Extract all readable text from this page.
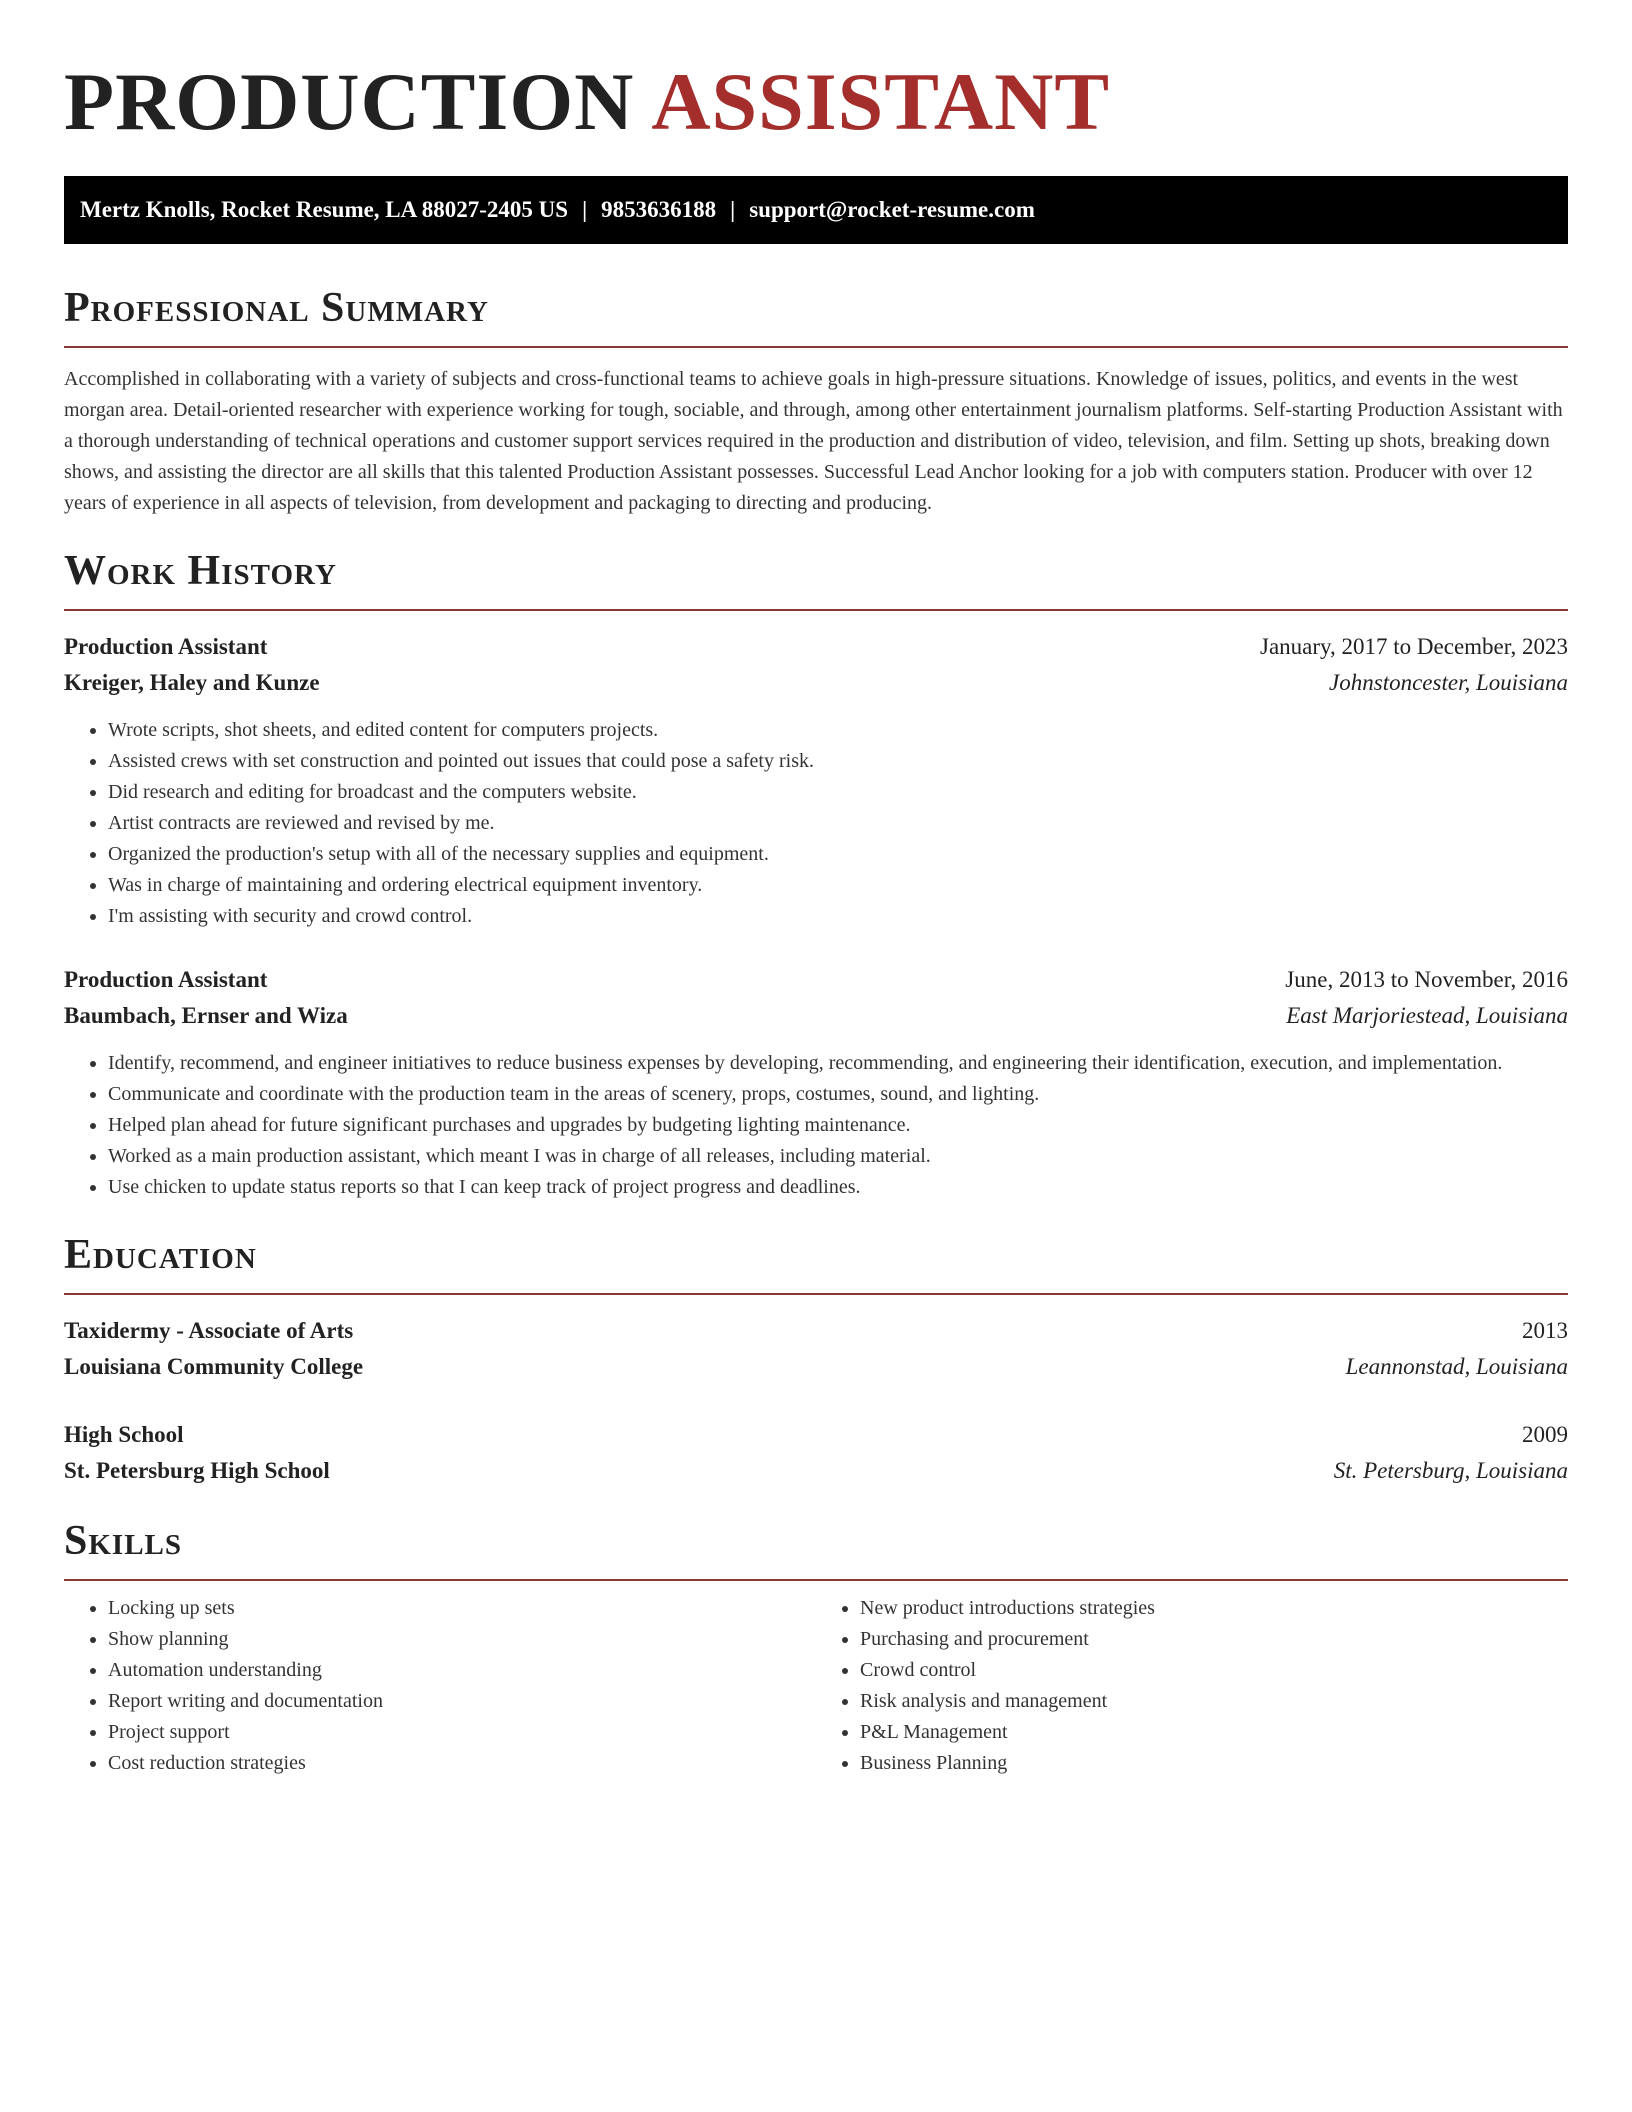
PRODUCTION ASSISTANT
Mertz Knolls, Rocket Resume, LA 88027-2405 US | 9853636188 | support@rocket-resume.com
Professional Summary
Accomplished in collaborating with a variety of subjects and cross-functional teams to achieve goals in high-pressure situations. Knowledge of issues, politics, and events in the west morgan area. Detail-oriented researcher with experience working for tough, sociable, and through, among other entertainment journalism platforms. Self-starting Production Assistant with a thorough understanding of technical operations and customer support services required in the production and distribution of video, television, and film. Setting up shots, breaking down shows, and assisting the director are all skills that this talented Production Assistant possesses. Successful Lead Anchor looking for a job with computers station. Producer with over 12 years of experience in all aspects of television, from development and packaging to directing and producing.
Work History
Production Assistant	January, 2017 to December, 2023
Kreiger, Haley and Kunze	Johnstoncester, Louisiana
• Wrote scripts, shot sheets, and edited content for computers projects.
• Assisted crews with set construction and pointed out issues that could pose a safety risk.
• Did research and editing for broadcast and the computers website.
• Artist contracts are reviewed and revised by me.
• Organized the production's setup with all of the necessary supplies and equipment.
• Was in charge of maintaining and ordering electrical equipment inventory.
• I'm assisting with security and crowd control.
Production Assistant	June, 2013 to November, 2016
Baumbach, Ernser and Wiza	East Marjoriestead, Louisiana
• Identify, recommend, and engineer initiatives to reduce business expenses by developing, recommending, and engineering their identification, execution, and implementation.
• Communicate and coordinate with the production team in the areas of scenery, props, costumes, sound, and lighting.
• Helped plan ahead for future significant purchases and upgrades by budgeting lighting maintenance.
• Worked as a main production assistant, which meant I was in charge of all releases, including material.
• Use chicken to update status reports so that I can keep track of project progress and deadlines.
Education
Taxidermy - Associate of Arts	2013
Louisiana Community College	Leannonstad, Louisiana
High School	2009
St. Petersburg High School	St. Petersburg, Louisiana
Skills
• Locking up sets
• Show planning
• Automation understanding
• Report writing and documentation
• Project support
• Cost reduction strategies
• New product introductions strategies
• Purchasing and procurement
• Crowd control
• Risk analysis and management
• P&L Management
• Business Planning
